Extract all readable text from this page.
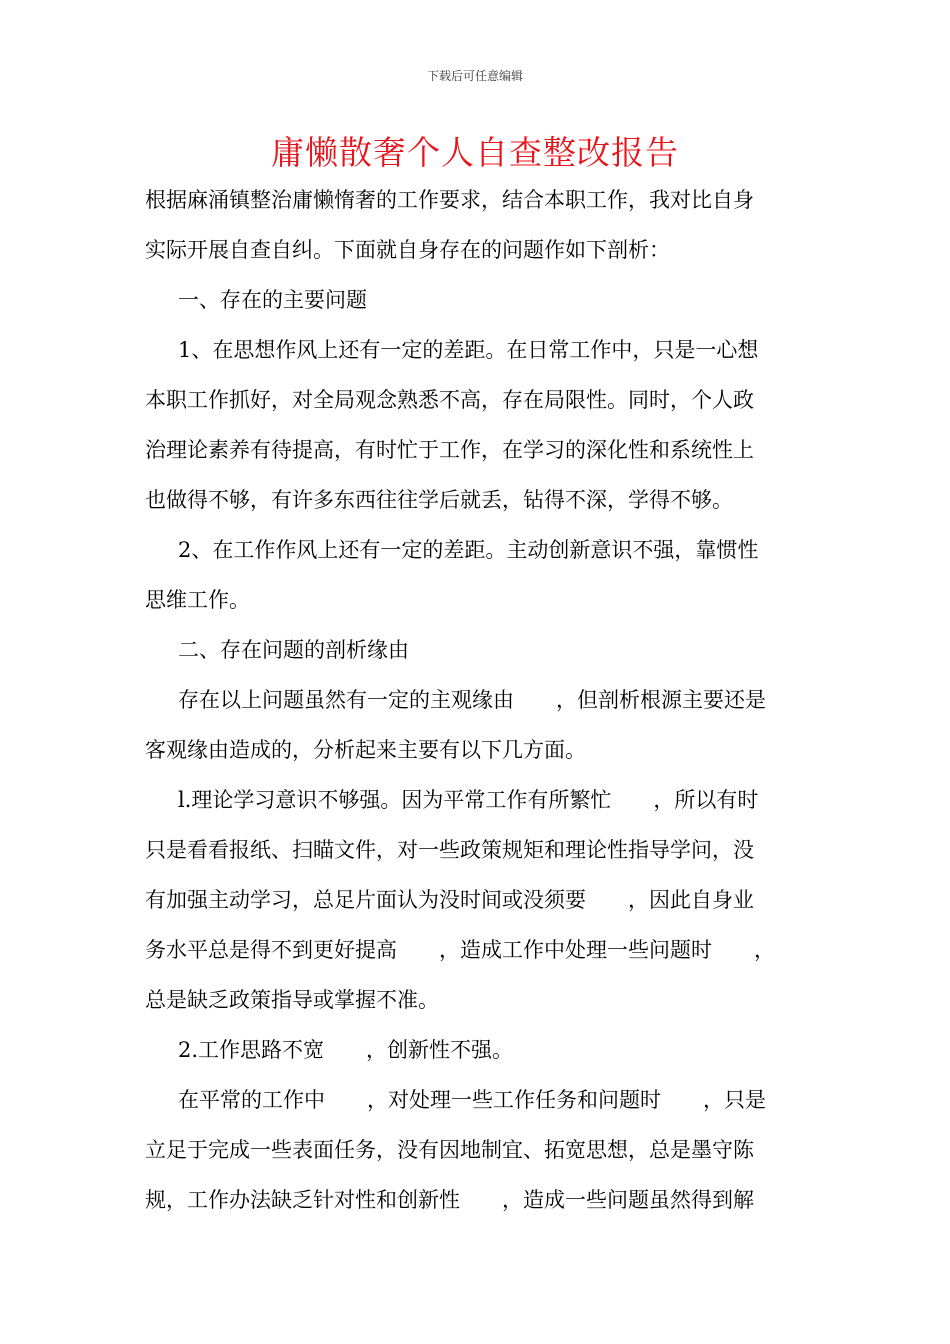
下载后可任意编辑
庸懒散奢个人自查整改报告
根据麻涌镇整治庸懒惰奢的工作要求，结合本职工作，我对比自身
实际开展自查自纠。下面就自身存在的问题作如下剖析：
一、存在的主要问题
1、在思想作风上还有一定的差距。在日常工作中，只是一心想
本职工作抓好，对全局观念熟悉不高，存在局限性。同时，个人政
治理论素养有待提高，有时忙于工作，在学习的深化性和系统性上
也做得不够，有许多东西往往学后就丢，钻得不深，学得不够。
2、在工作作风上还有一定的差距。主动创新意识不强，靠惯性
思维工作。
二、存在问题的剖析缘由
存在以上问题虽然有一定的主观缘由　　，但剖析根源主要还是
客观缘由造成的，分析起来主要有以下几方面。
l.理论学习意识不够强。因为平常工作有所繁忙　　，所以有时
只是看看报纸、扫瞄文件，对一些政策规矩和理论性指导学问，没
有加强主动学习，总足片面认为没时间或没须要　　，因此自身业
务水平总是得不到更好提高　　，造成工作中处理一些问题时　　，
总是缺乏政策指导或掌握不准。
2.工作思路不宽　　，创新性不强。
在平常的工作中　　，对处理一些工作任务和问题时　　，只是
立足于完成一些表面任务，没有因地制宜、拓宽思想，总是墨守陈
规，工作办法缺乏针对性和创新性　　，造成一些问题虽然得到解
